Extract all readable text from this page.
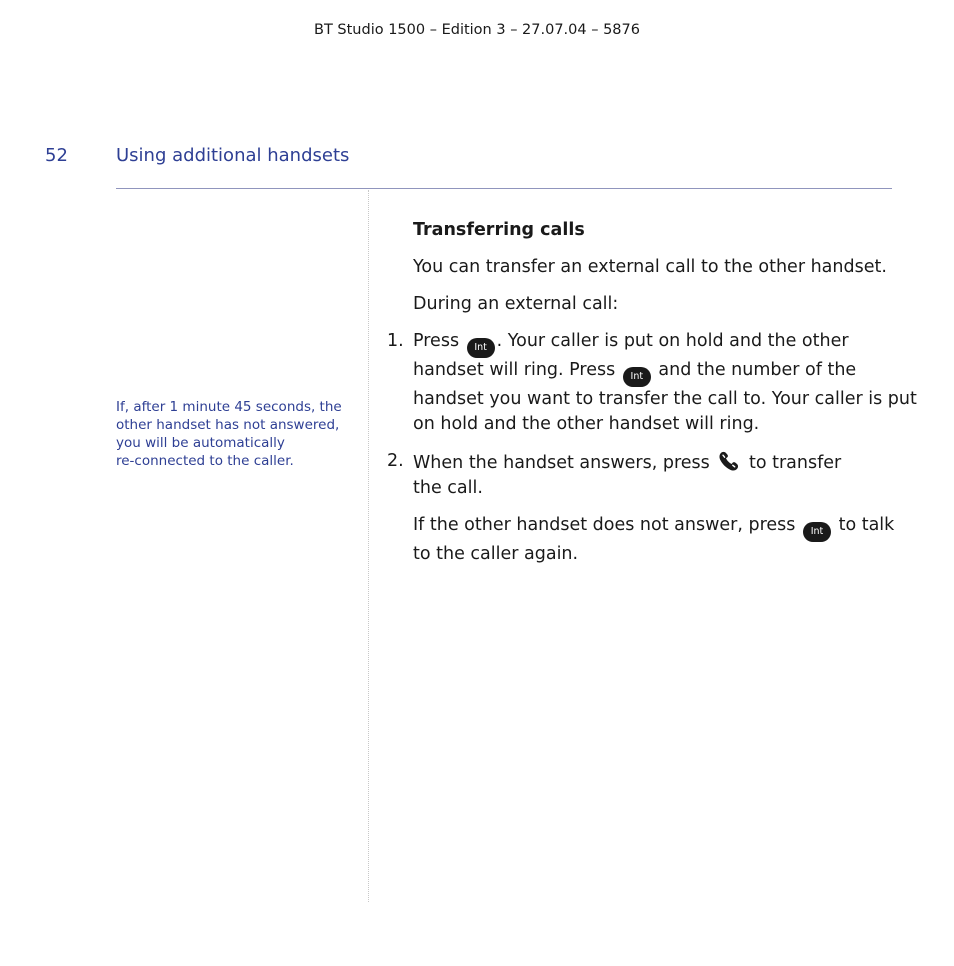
BT Studio 1500 – Edition 3 – 27.07.04 – 5876
52	Using additional handsets
If, after 1 minute 45 seconds, the
other handset has not answered,
you will be automatically
re-connected to the caller.
Transferring calls
You can transfer an external call to the other handset.
During an external call:
1. Press Int . Your caller is put on hold and the other
handset will ring. Press Int and the number of the
handset you want to transfer the call to. Your caller is put
on hold and the other handset will ring.
2. When the handset answers, press to transfer
the call.
If the other handset does not answer, press Int to talk
to the caller again.
